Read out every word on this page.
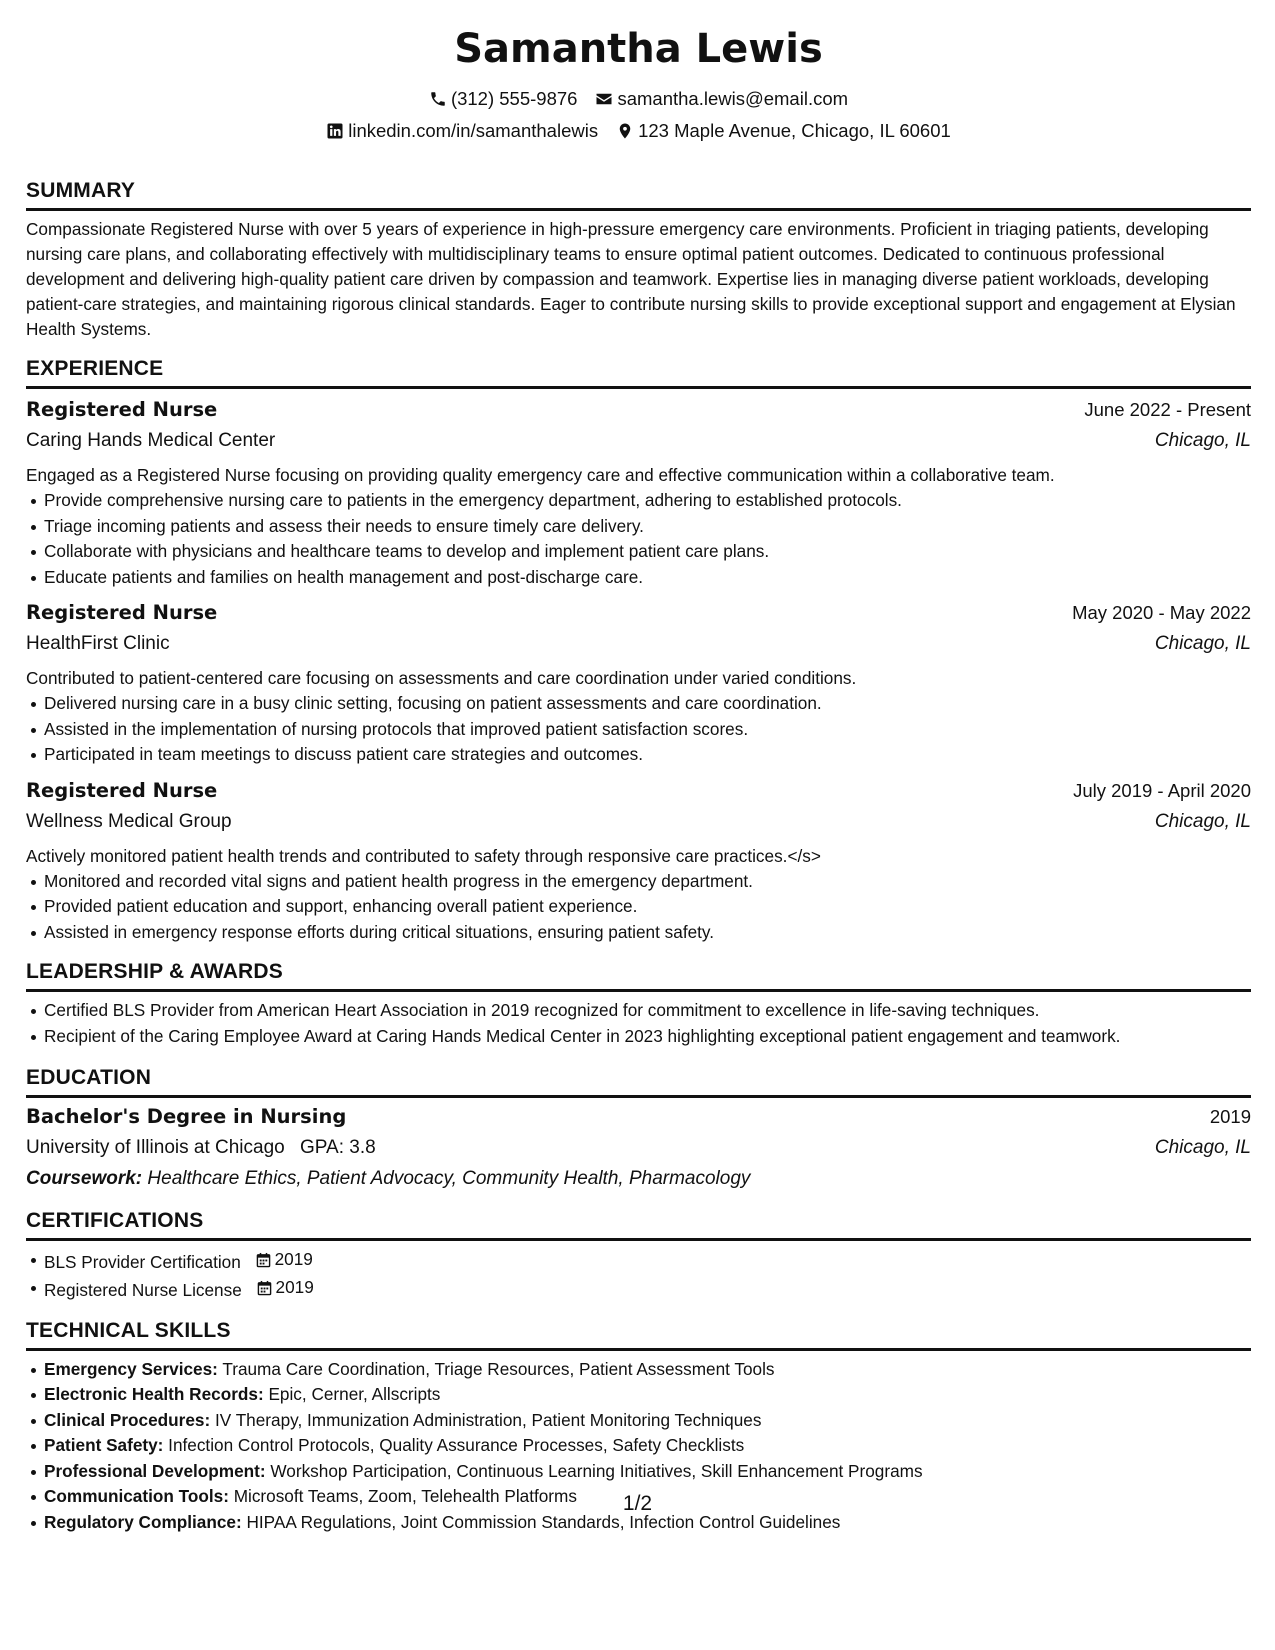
Samantha Lewis
(312) 555-9876 samantha.lewis@email.com
linkedin.com/in/samanthalewis 123 Maple Avenue, Chicago, IL 60601
SUMMARY
Compassionate Registered Nurse with over 5 years of experience in high-pressure emergency care environments. Proficient in triaging patients, developing nursing care plans, and collaborating effectively with multidisciplinary teams to ensure optimal patient outcomes. Dedicated to continuous professional development and delivering high-quality patient care driven by compassion and teamwork. Expertise lies in managing diverse patient workloads, developing patient-care strategies, and maintaining rigorous clinical standards. Eager to contribute nursing skills to provide exceptional support and engagement at Elysian Health Systems.
EXPERIENCE
Registered Nurse	June 2022 - Present
Caring Hands Medical Center	Chicago, IL
Engaged as a Registered Nurse focusing on providing quality emergency care and effective communication within a collaborative team.
Provide comprehensive nursing care to patients in the emergency department, adhering to established protocols.
Triage incoming patients and assess their needs to ensure timely care delivery.
Collaborate with physicians and healthcare teams to develop and implement patient care plans.
Educate patients and families on health management and post-discharge care.
Registered Nurse	May 2020 - May 2022
HealthFirst Clinic	Chicago, IL
Contributed to patient-centered care focusing on assessments and care coordination under varied conditions.
Delivered nursing care in a busy clinic setting, focusing on patient assessments and care coordination.
Assisted in the implementation of nursing protocols that improved patient satisfaction scores.
Participated in team meetings to discuss patient care strategies and outcomes.
Registered Nurse	July 2019 - April 2020
Wellness Medical Group	Chicago, IL
Actively monitored patient health trends and contributed to safety through responsive care practices.</s>
Monitored and recorded vital signs and patient health progress in the emergency department.
Provided patient education and support, enhancing overall patient experience.
Assisted in emergency response efforts during critical situations, ensuring patient safety.
LEADERSHIP & AWARDS
Certified BLS Provider from American Heart Association in 2019 recognized for commitment to excellence in life-saving techniques.
Recipient of the Caring Employee Award at Caring Hands Medical Center in 2023 highlighting exceptional patient engagement and teamwork.
EDUCATION
Bachelor's Degree in Nursing	2019
University of Illinois at Chicago GPA: 3.8	Chicago, IL
Coursework: Healthcare Ethics, Patient Advocacy, Community Health, Pharmacology
CERTIFICATIONS
BLS Provider Certification 2019
Registered Nurse License 2019
TECHNICAL SKILLS
Emergency Services: Trauma Care Coordination, Triage Resources, Patient Assessment Tools
Electronic Health Records: Epic, Cerner, Allscripts
Clinical Procedures: IV Therapy, Immunization Administration, Patient Monitoring Techniques
Patient Safety: Infection Control Protocols, Quality Assurance Processes, Safety Checklists
Professional Development: Workshop Participation, Continuous Learning Initiatives, Skill Enhancement Programs
Communication Tools: Microsoft Teams, Zoom, Telehealth Platforms
Regulatory Compliance: HIPAA Regulations, Joint Commission Standards, Infection Control Guidelines
1/2
